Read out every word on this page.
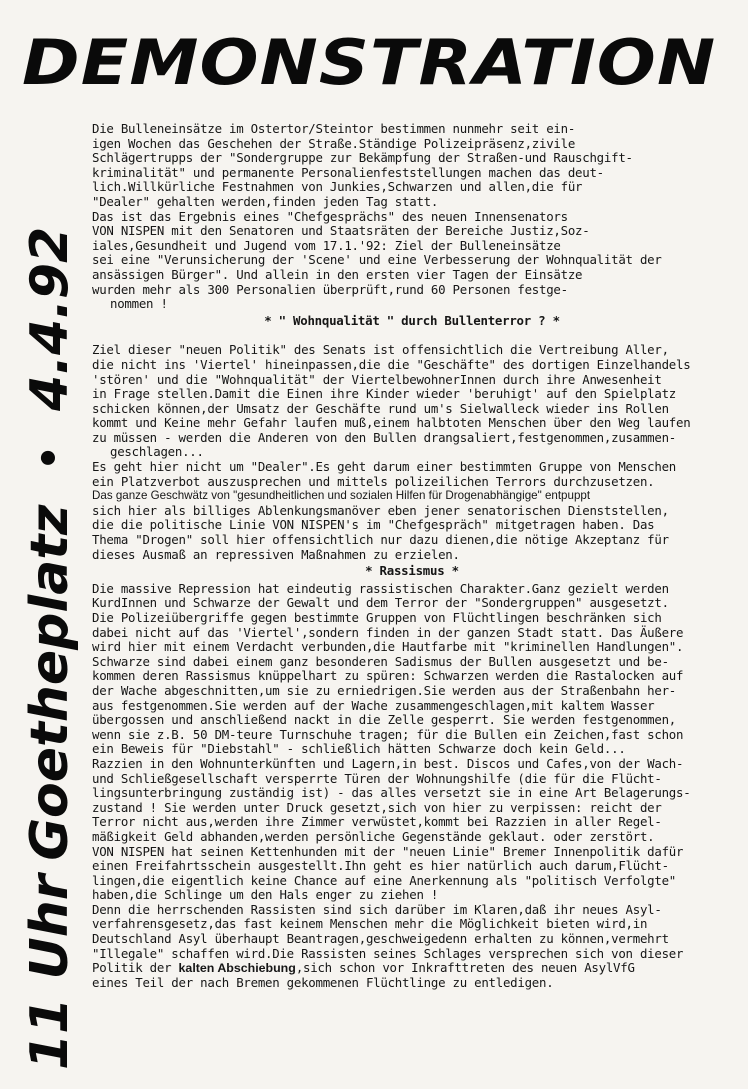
DEMONSTRATION
11 Uhr
Goetheplatz
•
4.4.92
Die Bulleneinsätze im Ostertor/Steintor bestimmen nunmehr seit ein-
igen Wochen das Geschehen der Straße.Ständige Polizeipräsenz,zivile
Schlägertrupps der "Sondergruppe zur Bekämpfung der Straßen-und Rauschgift-
kriminalität" und permanente Personalienfeststellungen machen das deut-
lich.Willkürliche Festnahmen von Junkies,Schwarzen und allen,die für
"Dealer" gehalten werden,finden jeden Tag statt.
Das ist das Ergebnis eines "Chefgesprächs" des neuen Innensenators
VON NISPEN mit den Senatoren und Staatsräten der Bereiche Justiz,Soz-
iales,Gesundheit und Jugend vom 17.1.'92: Ziel der Bulleneinsätze
sei eine "Verunsicherung der 'Scene' und eine Verbesserung der Wohnqualität der
ansässigen Bürger". Und allein in den ersten vier Tagen der Einsätze
wurden mehr als 300 Personalien überprüft,rund 60 Personen festge-
nommen !
* " Wohnqualität " durch Bullenterror ? *
Ziel dieser "neuen Politik" des Senats ist offensichtlich die Vertreibung Aller,
die nicht ins 'Viertel' hineinpassen,die die "Geschäfte" des dortigen Einzelhandels
'stören' und die "Wohnqualität" der ViertelbewohnerInnen durch ihre Anwesenheit
in Frage stellen.Damit die Einen ihre Kinder wieder 'beruhigt' auf den Spielplatz
schicken können,der Umsatz der Geschäfte rund um's Sielwalleck wieder ins Rollen
kommt und Keine mehr Gefahr laufen muß,einem halbtoten Menschen über den Weg laufen
zu müssen - werden die Anderen von den Bullen drangsaliert,festgenommen,zusammen-
geschlagen...
Es geht hier nicht um "Dealer".Es geht darum einer bestimmten Gruppe von Menschen
ein Platzverbot auszusprechen und mittels polizeilichen Terrors durchzusetzen.
Das ganze Geschwätz von "gesundheitlichen und sozialen Hilfen für Drogenabhängige" entpuppt
sich hier als billiges Ablenkungsmanöver eben jener senatorischen Dienststellen,
die die politische Linie VON NISPEN's im "Chefgespräch" mitgetragen haben. Das
Thema "Drogen" soll hier offensichtlich nur dazu dienen,die nötige Akzeptanz für
dieses Ausmaß an repressiven Maßnahmen zu erzielen.
* Rassismus *
Die massive Repression hat eindeutig rassistischen Charakter.Ganz gezielt werden
KurdInnen und Schwarze der Gewalt und dem Terror der "Sondergruppen" ausgesetzt.
Die Polizeiübergriffe gegen bestimmte Gruppen von Flüchtlingen beschränken sich
dabei nicht auf das 'Viertel',sondern finden in der ganzen Stadt statt. Das Äußere
wird hier mit einem Verdacht verbunden,die Hautfarbe mit "kriminellen Handlungen".
Schwarze sind dabei einem ganz besonderen Sadismus der Bullen ausgesetzt und be-
kommen deren Rassismus knüppelhart zu spüren: Schwarzen werden die Rastalocken auf
der Wache abgeschnitten,um sie zu erniedrigen.Sie werden aus der Straßenbahn her-
aus festgenommen.Sie werden auf der Wache zusammengeschlagen,mit kaltem Wasser
übergossen und anschließend nackt in die Zelle gesperrt. Sie werden festgenommen,
wenn sie z.B. 50 DM-teure Turnschuhe tragen; für die Bullen ein Zeichen,fast schon
ein Beweis für "Diebstahl" - schließlich hätten Schwarze doch kein Geld...
Razzien in den Wohnunterkünften und Lagern,in best. Discos und Cafes,von der Wach-
und Schließgesellschaft versperrte Türen der Wohnungshilfe (die für die Flücht-
lingsunterbringung zuständig ist) - das alles versetzt sie in eine Art Belagerungs-
zustand ! Sie werden unter Druck gesetzt,sich von hier zu verpissen: reicht der
Terror nicht aus,werden ihre Zimmer verwüstet,kommt bei Razzien in aller Regel-
mäßigkeit Geld abhanden,werden persönliche Gegenstände geklaut. oder zerstört.
VON NISPEN hat seinen Kettenhunden mit der "neuen Linie" Bremer Innenpolitik dafür
einen Freifahrtsschein ausgestellt.Ihn geht es hier natürlich auch darum,Flücht-
lingen,die eigentlich keine Chance auf eine Anerkennung als "politisch Verfolgte"
haben,die Schlinge um den Hals enger zu ziehen !
Denn die herrschenden Rassisten sind sich darüber im Klaren,daß ihr neues Asyl-
verfahrensgesetz,das fast keinem Menschen mehr die Möglichkeit bieten wird,in
Deutschland Asyl überhaupt Beantragen,geschweigedenn erhalten zu können,vermehrt
"Illegale" schaffen wird.Die Rassisten seines Schlages versprechen sich von dieser
Politik der kalten Abschiebung,sich schon vor Inkrafttreten des neuen AsylVfG
eines Teil der nach Bremen gekommenen Flüchtlinge zu entledigen.
